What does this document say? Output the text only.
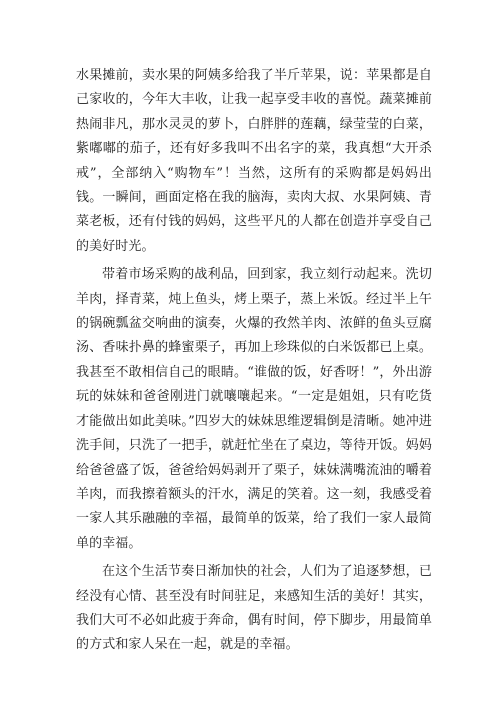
水果摊前，卖水果的阿姨多给我了半斤苹果，说：苹果都是自己家收的，今年大丰收，让我一起享受丰收的喜悦。蔬菜摊前热闹非凡，那水灵灵的萝卜，白胖胖的莲藕，绿莹莹的白菜，紫嘟嘟的茄子，还有好多我叫不出名字的菜，我真想“大开杀戒”，全部纳入“购物车”！当然，这所有的采购都是妈妈出钱。一瞬间，画面定格在我的脑海，卖肉大叔、水果阿姨、青菜老板，还有付钱的妈妈，这些平凡的人都在创造并享受自己的美好时光。

带着市场采购的战利品，回到家，我立刻行动起来。洗切羊肉，择青菜，炖上鱼头，烤上栗子，蒸上米饭。经过半上午的锅碗瓢盆交响曲的演奏，火爆的孜然羊肉、浓鲜的鱼头豆腐汤、香味扑鼻的蜂蜜栗子，再加上珍珠似的白米饭都已上桌。我甚至不敢相信自己的眼睛。“谁做的饭，好香呀！”，外出游玩的妹妹和爸爸刚进门就嚷嚷起来。“一定是姐姐，只有吃货才能做出如此美味。”四岁大的妹妹思维逻辑倒是清晰。她冲进洗手间，只洗了一把手，就赶忙坐在了桌边，等待开饭。妈妈给爸爸盛了饭，爸爸给妈妈剥开了栗子，妹妹满嘴流油的嚼着羊肉，而我擦着额头的汗水，满足的笑着。这一刻，我感受着一家人其乐融融的幸福，最简单的饭菜，给了我们一家人最简单的幸福。

在这个生活节奏日渐加快的社会，人们为了追逐梦想，已经没有心情、甚至没有时间驻足，来感知生活的美好！其实，我们大可不必如此疲于奔命，偶有时间，停下脚步，用最简单的方式和家人呆在一起，就是的幸福。
